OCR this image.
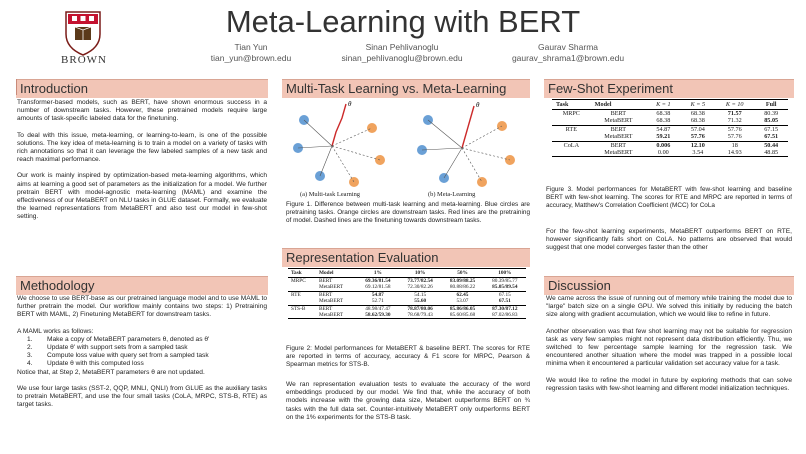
BROWN
Meta-Learning with BERT
Tian Yun
tian_yun@brown.edu
Sinan Pehlivanoglu
sinan_pehlivanoglu@brown.edu
Gaurav Sharma
gaurav_shrama1@brown.edu
Introduction

Transformer-based models, such as BERT, have shown enormous success in a number of downstream tasks. However, these pretrained models require large amounts of task-specific labeled data for the finetuning.

To deal with this issue, meta-learning, or learning-to-learn, is one of the possible solutions. The key idea of meta-learning is to train a model on a variety of tasks with rich annotations so that it can leverage the few labeled samples of a new task and reach maximal performance.

Our work is mainly inspired by optimization-based meta-learning algorithms, which aims at learning a good set of parameters as the initialization for a model. We further pretrain BERT with model-agnostic meta-learning (MAML) and examine the effectiveness of our MetaBERT on NLU tasks in GLUE dataset. Formally, we evaluate the learned representations from MetaBERT and also test our model in few-shot setting.

Methodology

We choose to use BERT-base as our pretrained language model and to use MAML to further pretrain the model. Our workflow mainly contains two steps: 1) Pretraining BERT with MAML, 2) Finetuning MetaBERT for downstream tasks.

A MAML works as follows:
1.	Make a copy of MetaBERT parameters θ, denoted as θ'
2.	Update θ' with support sets from a sampled task
3.	Compute loss value with query set from a sampled task
4.	Update θ with this computed loss

Notice that, at Step 2, MetaBERT parameters θ are not updated.

We use four large tasks (SST-2, QQP, MNLI, QNLI) from GLUE as the auxiliary tasks to pretrain MetaBERT, and use the four small tasks (CoLA, MRPC, STS-B, RTE) as target tasks.

Multi-Task Learning vs. Meta-Learning
θ	θ
(a) Multi-task Learning	(b) Meta-Learning
Figure 1. Difference between multi-task learning and meta-learning. Blue circles are pretraining tasks. Orange circles are downstream tasks. Red lines are the pretraining of model. Dashed lines are the finetuning towards downstream tasks.
Representation Evaluation
Task	Model	1%	10%	50%	100%
MRPC	BERT	69.36/81.54	73.77/82.54	83.09/88.25	80.39/85.77
	MetaBERT	69.12/81.58	72.30/82.26	80.88/86.22	85.05/89.54
RTE	BERT	54.87	54.15	62.45	67.15
	MetaBERT	52.71	55.60	53.07	67.51
STS-B	BERT	48.98/47.47	78.87/80.06	85.86/86.05	87.30/87.12
	MetaBERT	58.62/59.30	78.68/79.43	85.60/85.68	87.02/86.83
Figure 2: Model performances for MetaBERT & baseline BERT. The scores for RTE are reported in terms of accuracy, accuracy & F1 score for MRPC, Pearson & Spearman metrics for STS-B.
We ran representation evaluation tests to evaluate the accuracy of the word embeddings produced by our model. We find that, while the accuracy of both models increase with the growing data size, Metabert outperforms BERT on ¾ tasks with the full data set. Counter-intuitively MetaBERT only outperforms BERT on the 1% experiments for the STS-B task.
Few-Shot Experiment
Task	Model	K = 1	K = 5	K = 10	Full
MRPC	BERT	68.38	68.38	71.57	80.39
	MetaBERT	68.38	68.38	71.32	85.05
RTE	BERT	54.87	57.04	57.76	67.15
	MetaBERT	59.21	57.76	57.76	67.51
CoLA	BERT	0.006	12.10	18	50.44
	MetaBERT	0.00	3.54	14.93	48.85
Figure 3. Model performances for MetaBERT with few-shot learning and baseline BERT with few-shot learning. The scores for RTE and MRPC are reported in terms of accuracy, Matthew's Correlation Coefficient (MCC) for CoLa
For the few-shot learning experiments, MetaBERT outperforms BERT on RTE, however significantly falls short on CoLA. No patterns are observed that would suggest that one model converges faster than the other
Discussion

We came across the issue of running out of memory while training the model due to "large" batch size on a single GPU. We solved this initially by reducing the batch size along with gradient accumulation, which we would like to refine in future.

Another observation was that few shot learning may not be suitable for regression task as very few samples might not represent data distribution efficiently. Thu, we switched to few percentage sample learning for the regression task. We encountered another situation where the model was trapped in a possible local minima when it encountered a particular validation set accuracy value for a task.

We would like to refine the model in future by exploring methods that can solve regression tasks with few-shot learning and different model initialization techniques.
